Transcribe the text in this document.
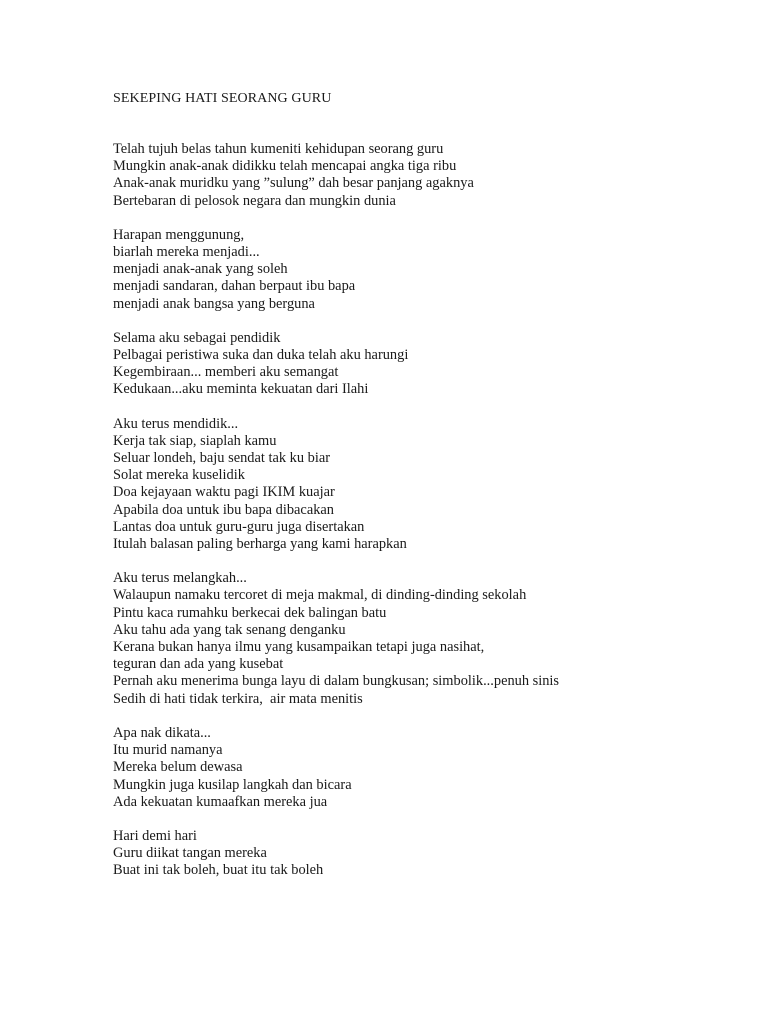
SEKEPING HATI SEORANG GURU
Telah tujuh belas tahun kumeniti kehidupan seorang guru
Mungkin anak-anak didikku telah mencapai angka tiga ribu
Anak-anak muridku yang ”sulung” dah besar panjang agaknya
Bertebaran di pelosok negara dan mungkin dunia
Harapan menggunung,
biarlah mereka menjadi...
menjadi anak-anak yang soleh
menjadi sandaran, dahan berpaut ibu bapa
menjadi anak bangsa yang berguna
Selama aku sebagai pendidik
Pelbagai peristiwa suka dan duka telah aku harungi
Kegembiraan... memberi aku semangat
Kedukaan...aku meminta kekuatan dari Ilahi
Aku terus mendidik...
Kerja tak siap, siaplah kamu
Seluar londeh, baju sendat tak ku biar
Solat mereka kuselidik
Doa kejayaan waktu pagi IKIM kuajar
Apabila doa untuk ibu bapa dibacakan
Lantas doa untuk guru-guru juga disertakan
Itulah balasan paling berharga yang kami harapkan
Aku terus melangkah...
Walaupun namaku tercoret di meja makmal, di dinding-dinding sekolah
Pintu kaca rumahku berkecai dek balingan batu
Aku tahu ada yang tak senang denganku
Kerana bukan hanya ilmu yang kusampaikan tetapi juga nasihat,
teguran dan ada yang kusebat
Pernah aku menerima bunga layu di dalam bungkusan; simbolik...penuh sinis
Sedih di hati tidak terkira,  air mata menitis
Apa nak dikata...
Itu murid namanya
Mereka belum dewasa
Mungkin juga kusilap langkah dan bicara
Ada kekuatan kumaafkan mereka jua
Hari demi hari
Guru diikat tangan mereka
Buat ini tak boleh, buat itu tak boleh
